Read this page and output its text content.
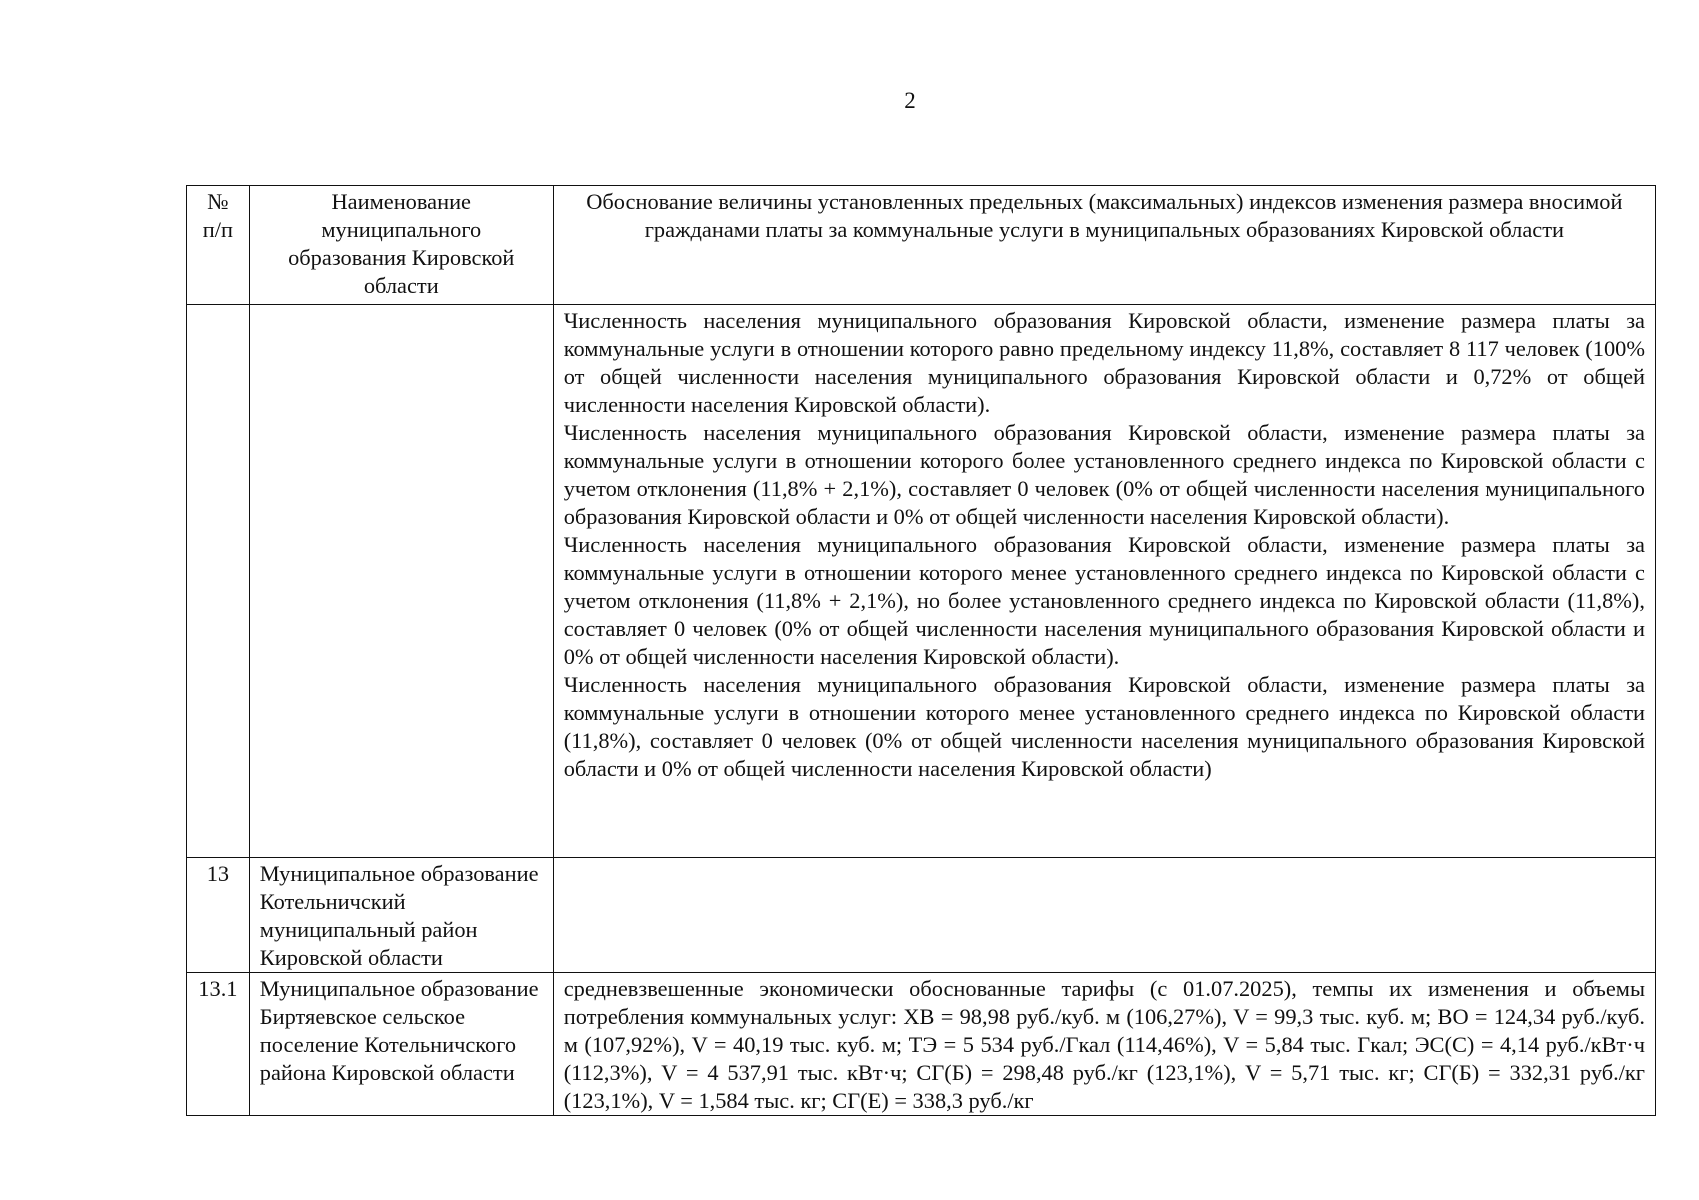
2
№ п/п	Наименование муниципального образования Кировской области	Обоснование величины установленных предельных (максимальных) индексов изменения размера вносимой гражданами платы за коммунальные услуги в муниципальных образованиях Кировской области

		Численность населения муниципального образования Кировской области, изменение размера платы за коммунальные услуги в отношении которого равно предельному индексу 11,8%, составляет 8 117 человек (100% от общей численности населения муниципального образования Кировской области и 0,72% от общей численности населения Кировской области).

Численность населения муниципального образования Кировской области, изменение размера платы за коммунальные услуги в отношении которого более установленного среднего индекса по Кировской области с учетом отклонения (11,8% + 2,1%), составляет 0 человек (0% от общей численности населения муниципального образования Кировской области и 0% от общей численности населения Кировской области).

Численность населения муниципального образования Кировской области, изменение размера платы за коммунальные услуги в отношении которого менее установленного среднего индекса по Кировской области с учетом отклонения (11,8% + 2,1%), но более установленного среднего индекса по Кировской области (11,8%), составляет 0 человек (0% от общей численности населения муниципального образования Кировской области и 0% от общей численности населения Кировской области).

Численность населения муниципального образования Кировской области, изменение размера платы за коммунальные услуги в отношении которого менее установленного среднего индекса по Кировской области (11,8%), составляет 0 человек (0% от общей численности населения муниципального образования Кировской области и 0% от общей численности населения Кировской области)

13	Муниципальное образование Котельничский муниципальный район Кировской области	

13.1	Муниципальное образование Биртяевское сельское поселение Котельничского района Кировской области	средневзвешенные экономически обоснованные тарифы (с 01.07.2025), темпы их изменения и объемы потребления коммунальных услуг: ХВ = 98,98 руб./куб. м (106,27%), V = 99,3 тыс. куб. м; ВО = 124,34 руб./куб. м (107,92%), V = 40,19 тыс. куб. м; ТЭ = 5 534 руб./Гкал (114,46%), V = 5,84 тыс. Гкал; ЭС(С) = 4,14 руб./кВт·ч (112,3%), V = 4 537,91 тыс. кВт·ч; СГ(Б) = 298,48 руб./кг (123,1%), V = 5,71 тыс. кг; СГ(Б) = 332,31 руб./кг (123,1%), V = 1,584 тыс. кг; СГ(Е) = 338,3 руб./кг
